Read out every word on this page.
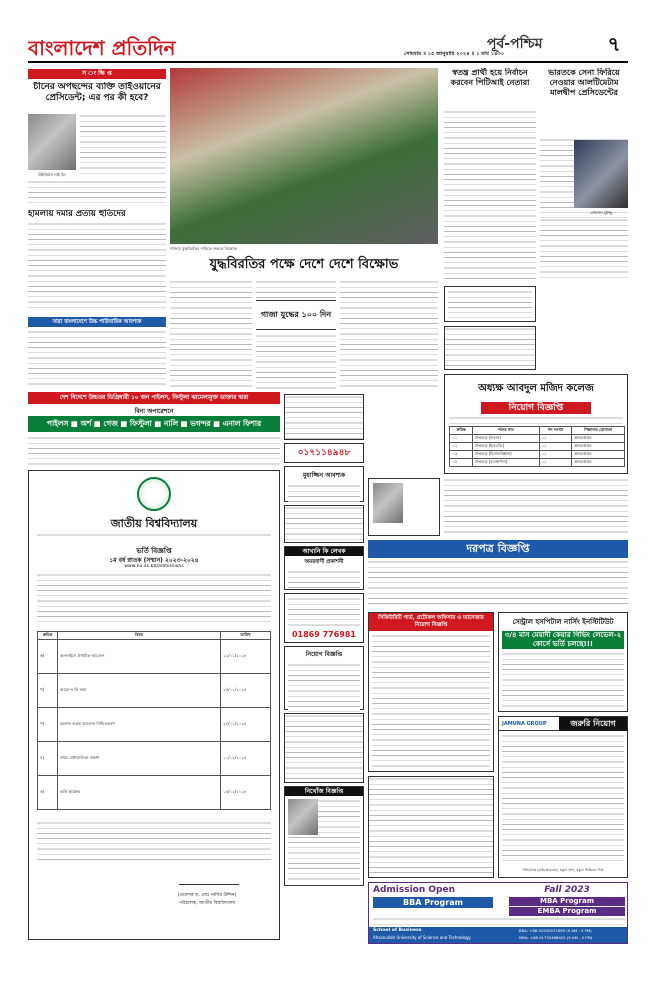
বাংলাদেশ প্রতিদিন	সোমবার ॥ ১৫ জানুয়ারি ২০২৪ ॥ ১ মাঘ ১৪৩০
পূর্ব-পশ্চিম	৭
স ং ক্ষি প্ত
চীনের অপছন্দের ব্যক্তি তাইওয়ানের প্রেসিডেন্ট; এর পর কী হবে?
উইলিয়াম লাই চিং
হামলায় দমার প্রত্যয় হুতিদের
সারা বাংলাদেশে উচ্চ পারিবারিক আবশ্যক
গাজায় যুদ্ধবিরতির দাবিতে লন্ডনে বিক্ষোভ
যুদ্ধবিরতির পক্ষে দেশে দেশে বিক্ষোভ
গাজা যুদ্ধের ১০০ দিন
স্বতন্ত্র প্রার্থী হয়ে নির্বাচন করবেন পিটিআই নেতারা
ভারতকে সেনা ফিরিয়ে নেওয়ার আলটিমেটাম মালদ্বীপ প্রেসিডেন্টের
মোহাম্মদ মুইজ্জু
অধ্যক্ষ আবদুল মজিদ কলেজ
নিয়োগ বিজ্ঞপ্তি
ক্রমিক	পদের নাম	পদ সংখ্যা	শিক্ষাগত যোগ্যতা
০১	প্রভাষক (বাংলা)	০১	স্নাতকোত্তর
০২	প্রভাষক (ইংরেজি)	০১	স্নাতকোত্তর
০৩	প্রভাষক (হিসাববিজ্ঞান)	০১	স্নাতকোত্তর
০৪	প্রভাষক (ব্যবস্থাপনা)	০১	স্নাতকোত্তর
দেশ বিদেশে উচ্চতর ডিগ্রিধারী ১০ জন পাইলস, ফিস্টুলা ঝামেলামুক্ত ডাক্তার দ্বারা
বিনা অপারেশনে
পাইলস ■ অর্শ ■ গেজ ■ ফিস্টুলা ■ নালি ■ ভগন্দর ■ এনাল ফিশার
জাতীয় বিশ্ববিদ্যালয়
ভর্তি বিজ্ঞপ্তি
১ম বর্ষ স্নাতক (সম্মান) ২০২৩-২০২৪
www.nu.ac.bd/admissions
ক্রমিক	বিষয়	তারিখ
ক)	অনলাইনে প্রাথমিক আবেদন	২২/০১/২০২৪
খ)	আবেদন ফি জমা	২৫/০১/২০২৪
গ)	কলেজ কর্তৃক আবেদন নিশ্চিতকরণ	২৮/০১/২০২৪
ঘ)	প্রথম মেধাতালিকা প্রকাশ	১০/০২/২০২৪
ঙ)	ভর্তি কার্যক্রম	১৫/০২/২০২৪
(প্রফেসর ড. মোঃ নাসির উদ্দিন)
পরিচালক, জাতীয় বিশ্ববিদ্যালয়
০১৭১১৪৯৪৮
মুয়াজ্জিন আবশ্যক
আখানি কি লেখক
অমরবাণী প্রকাশনী
01869 776981
নিয়োগ বিজ্ঞপ্তি
নিখোঁজ বিজ্ঞপ্তি
দরপত্র বিজ্ঞপ্তি
সিকিউরিটি গার্ড, প্রটোকল অফিসার ও ম্যানেজার নিয়োগ বিজ্ঞপ্তি	সেন্ট্রাল হসপিটাল নার্সিং ইনস্টিটিউট
৩/৪ মাস মেয়াদী কেয়ার গিভিং লেভেল-২ কোর্সে ভর্তি চলছে!!!
JAMUNA GROUP	জরুরি নিয়োগ
পরিচালক (এইচআরএম), যমুনা গ্রুপ, যমুনা ফিউচার পার্ক
Admission Open
BBA Program
Fall 2023
MBA Program
EMBA Program
School of Business
Ahsanullah University of Science and Technology
BBA: +88 01550072990 (9 AM - 5 PM)
MBA: +88 01730466022 (9 AM - 5 PM)
